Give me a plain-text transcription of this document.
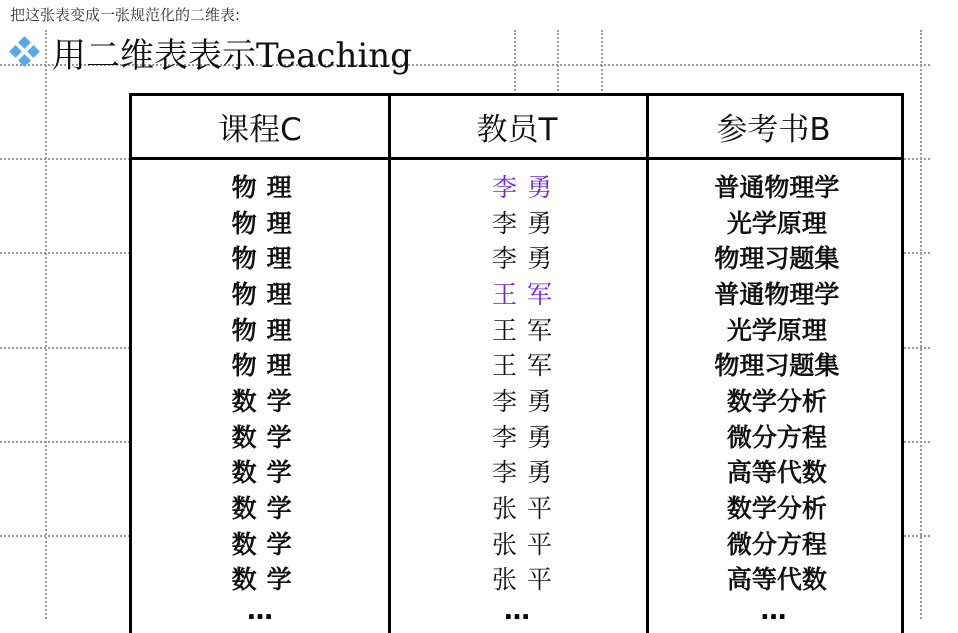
把这张表变成一张规范化的二维表:
用二维表表示Teaching
课程C	教员T	参考书B
物理	李勇	普通物理学
物理	李勇	光学原理
物理	李勇	物理习题集
物理	王军	普通物理学
物理	王军	光学原理
物理	王军	物理习题集
数学	李勇	数学分析
数学	李勇	微分方程
数学	李勇	高等代数
数学	张平	数学分析
数学	张平	微分方程
数学	张平	高等代数
…	…	…
